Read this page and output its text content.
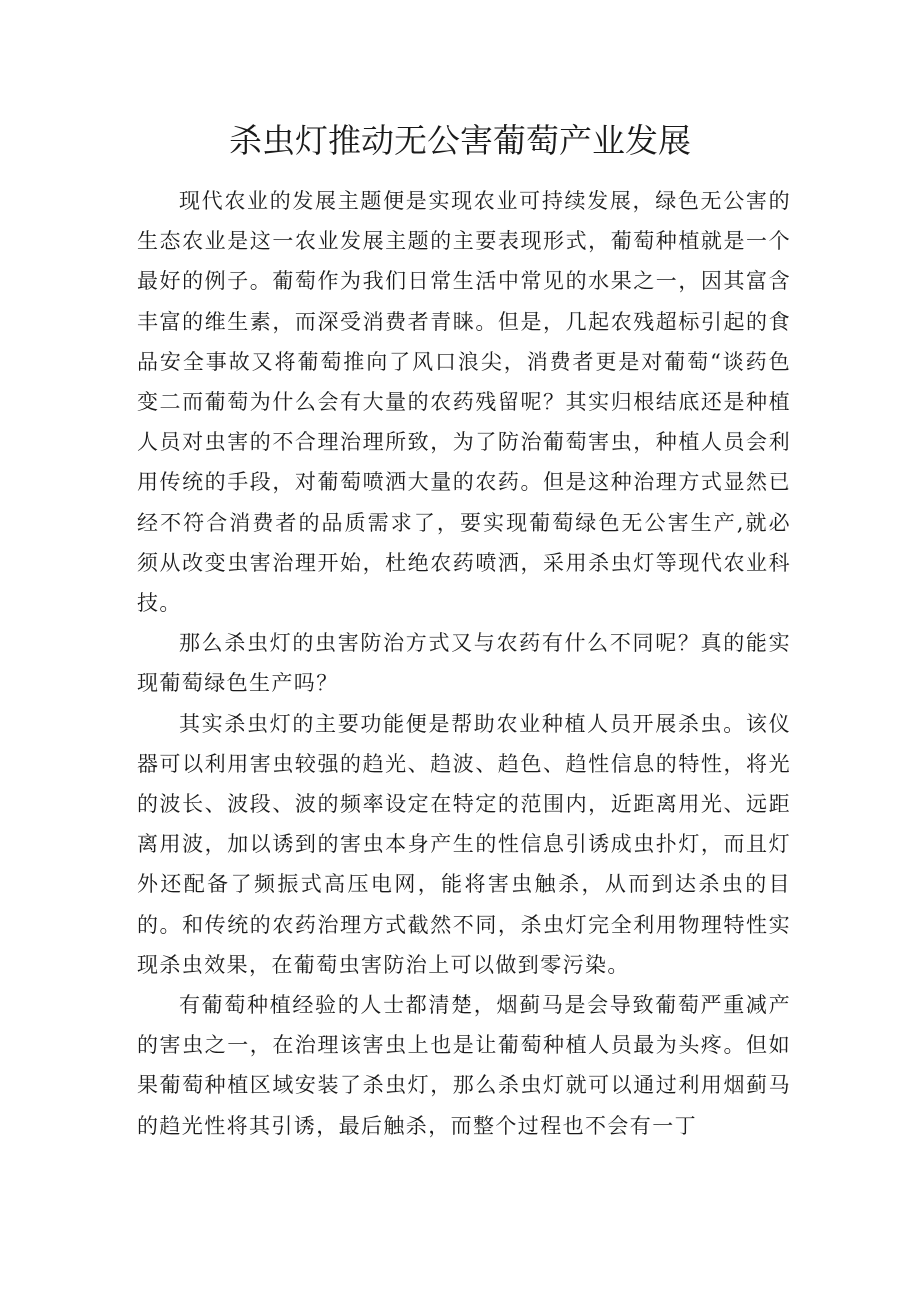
杀虫灯推动无公害葡萄产业发展

现代农业的发展主题便是实现农业可持续发展，绿色无公害的生态农业是这一农业发展主题的主要表现形式，葡萄种植就是一个最好的例子。葡萄作为我们日常生活中常见的水果之一，因其富含丰富的维生素，而深受消费者青睐。但是，几起农残超标引起的食品安全事故又将葡萄推向了风口浪尖，消费者更是对葡萄“谈药色变二而葡萄为什么会有大量的农药残留呢？其实归根结底还是种植人员对虫害的不合理治理所致，为了防治葡萄害虫，种植人员会利用传统的手段，对葡萄喷洒大量的农药。但是这种治理方式显然已经不符合消费者的品质需求了，要实现葡萄绿色无公害生产,就必须从改变虫害治理开始，杜绝农药喷洒，采用杀虫灯等现代农业科技。

那么杀虫灯的虫害防治方式又与农药有什么不同呢？真的能实现葡萄绿色生产吗？

其实杀虫灯的主要功能便是帮助农业种植人员开展杀虫。该仪器可以利用害虫较强的趋光、趋波、趋色、趋性信息的特性，将光的波长、波段、波的频率设定在特定的范围内，近距离用光、远距离用波，加以诱到的害虫本身产生的性信息引诱成虫扑灯，而且灯外还配备了频振式高压电网，能将害虫触杀，从而到达杀虫的目的。和传统的农药治理方式截然不同，杀虫灯完全利用物理特性实现杀虫效果，在葡萄虫害防治上可以做到零污染。

有葡萄种植经验的人士都清楚，烟蓟马是会导致葡萄严重减产的害虫之一，在治理该害虫上也是让葡萄种植人员最为头疼。但如果葡萄种植区域安装了杀虫灯，那么杀虫灯就可以通过利用烟蓟马的趋光性将其引诱，最后触杀，而整个过程也不会有一丁
